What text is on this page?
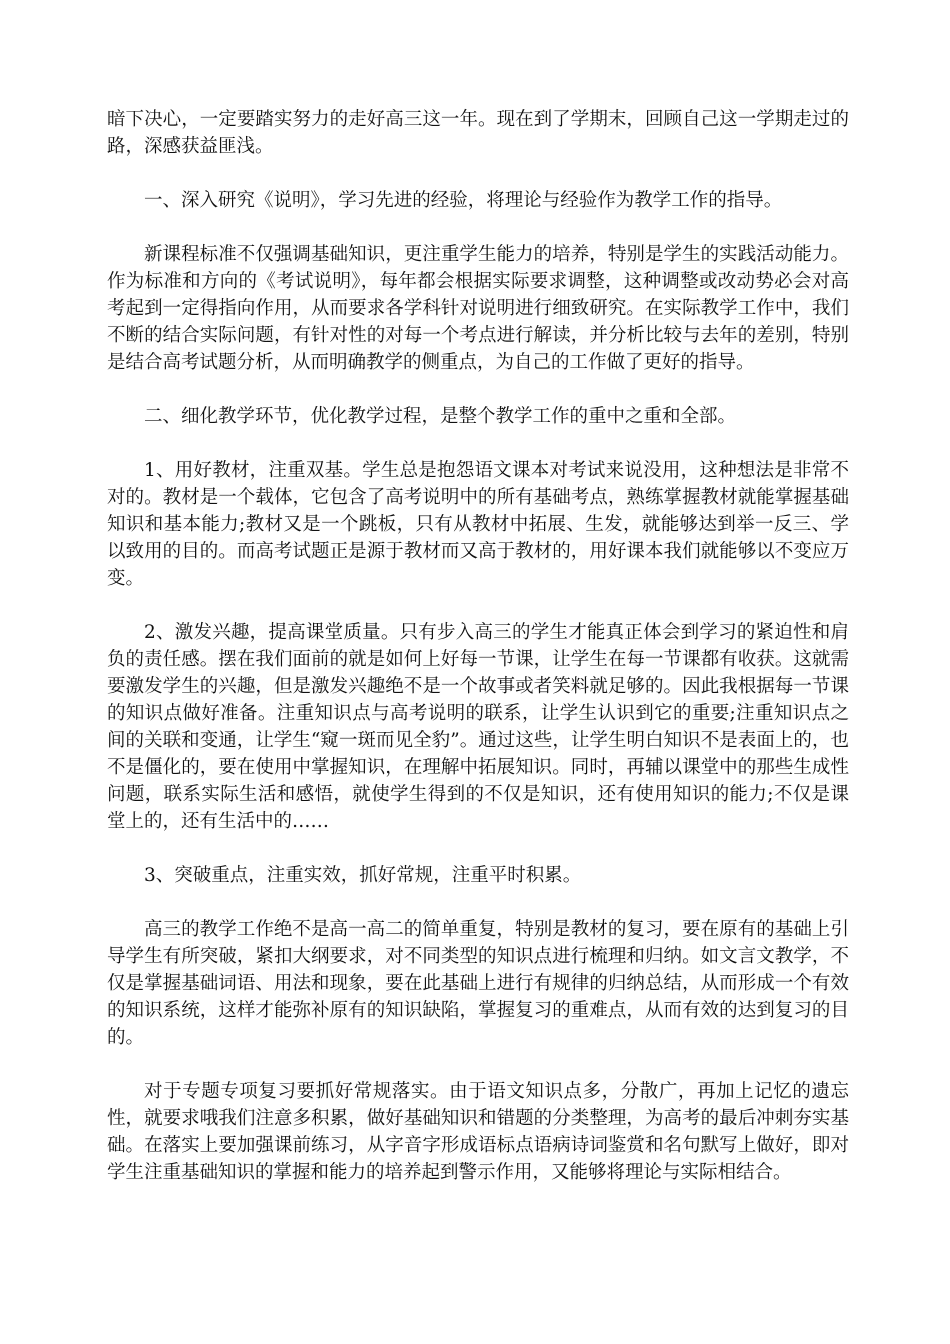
暗下决心，一定要踏实努力的走好高三这一年。现在到了学期末，回顾自己这一学期走过的路，深感获益匪浅。

一、深入研究《说明》，学习先进的经验，将理论与经验作为教学工作的指导。

新课程标准不仅强调基础知识，更注重学生能力的培养，特别是学生的实践活动能力。作为标准和方向的《考试说明》，每年都会根据实际要求调整，这种调整或改动势必会对高考起到一定得指向作用，从而要求各学科针对说明进行细致研究。在实际教学工作中，我们不断的结合实际问题，有针对性的对每一个考点进行解读，并分析比较与去年的差别，特别是结合高考试题分析，从而明确教学的侧重点，为自己的工作做了更好的指导。

二、细化教学环节，优化教学过程，是整个教学工作的重中之重和全部。

1、用好教材，注重双基。学生总是抱怨语文课本对考试来说没用，这种想法是非常不对的。教材是一个载体，它包含了高考说明中的所有基础考点，熟练掌握教材就能掌握基础知识和基本能力;教材又是一个跳板，只有从教材中拓展、生发，就能够达到举一反三、学以致用的目的。而高考试题正是源于教材而又高于教材的，用好课本我们就能够以不变应万变。

2、激发兴趣，提高课堂质量。只有步入高三的学生才能真正体会到学习的紧迫性和肩负的责任感。摆在我们面前的就是如何上好每一节课，让学生在每一节课都有收获。这就需要激发学生的兴趣，但是激发兴趣绝不是一个故事或者笑料就足够的。因此我根据每一节课的知识点做好准备。注重知识点与高考说明的联系，让学生认识到它的重要;注重知识点之间的关联和变通，让学生“窥一斑而见全豹”。通过这些，让学生明白知识不是表面上的，也不是僵化的，要在使用中掌握知识，在理解中拓展知识。同时，再辅以课堂中的那些生成性问题，联系实际生活和感悟，就使学生得到的不仅是知识，还有使用知识的能力;不仅是课堂上的，还有生活中的……

3、突破重点，注重实效，抓好常规，注重平时积累。

高三的教学工作绝不是高一高二的简单重复，特别是教材的复习，要在原有的基础上引导学生有所突破，紧扣大纲要求，对不同类型的知识点进行梳理和归纳。如文言文教学，不仅是掌握基础词语、用法和现象，要在此基础上进行有规律的归纳总结，从而形成一个有效的知识系统，这样才能弥补原有的知识缺陷，掌握复习的重难点，从而有效的达到复习的目的。

对于专题专项复习要抓好常规落实。由于语文知识点多，分散广，再加上记忆的遗忘性，就要求哦我们注意多积累，做好基础知识和错题的分类整理，为高考的最后冲刺夯实基础。在落实上要加强课前练习，从字音字形成语标点语病诗词鉴赏和名句默写上做好，即对学生注重基础知识的掌握和能力的培养起到警示作用，又能够将理论与实际相结合。
